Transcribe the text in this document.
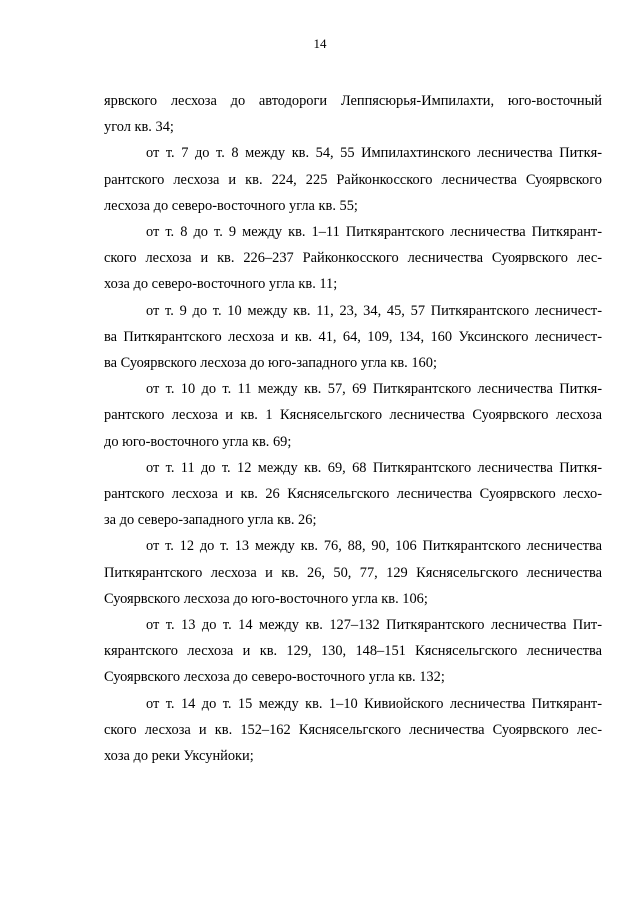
14
ярвского лесхоза до автодороги Леппясюрья-Импилахти, юго-восточный
угол кв. 34;
от т. 7 до т. 8 между кв. 54, 55 Импилахтинского лесничества Питкя-
рантского лесхоза и кв. 224, 225 Райконкосского лесничества Суоярвского
лесхоза до северо-восточного угла кв. 55;
от т. 8 до т. 9 между кв. 1–11 Питкярантского лесничества Питкярант-
ского лесхоза и кв. 226–237 Райконкосского лесничества Суоярвского лес-
хоза до северо-восточного угла кв. 11;
от т. 9 до т. 10 между кв. 11, 23, 34, 45, 57 Питкярантского лесничест-
ва Питкярантского лесхоза и кв. 41, 64, 109, 134, 160 Уксинского лесничест-
ва Суоярвского лесхоза до юго-западного угла кв. 160;
от т. 10 до т. 11 между кв. 57, 69 Питкярантского лесничества Питкя-
рантского лесхоза и кв. 1 Кяснясельгского лесничества Суоярвского лесхоза
до юго-восточного угла кв. 69;
от т. 11 до т. 12 между кв. 69, 68 Питкярантского лесничества Питкя-
рантского лесхоза и кв. 26 Кяснясельгского лесничества Суоярвского лесхо-
за до северо-западного угла кв. 26;
от т. 12 до т. 13 между кв. 76, 88, 90, 106 Питкярантского лесничества
Питкярантского лесхоза и кв. 26, 50, 77, 129 Кяснясельгского лесничества
Суоярвского лесхоза до юго-восточного угла кв. 106;
от т. 13 до т. 14 между кв. 127–132 Питкярантского лесничества Пит-
кярантского лесхоза и кв. 129, 130, 148–151 Кяснясельгского лесничества
Суоярвского лесхоза до северо-восточного угла кв. 132;
от т. 14 до т. 15 между кв. 1–10 Кивиойского лесничества Питкярант-
ского лесхоза и кв. 152–162 Кяснясельгского лесничества Суоярвского лес-
хоза до реки Уксунйоки;
